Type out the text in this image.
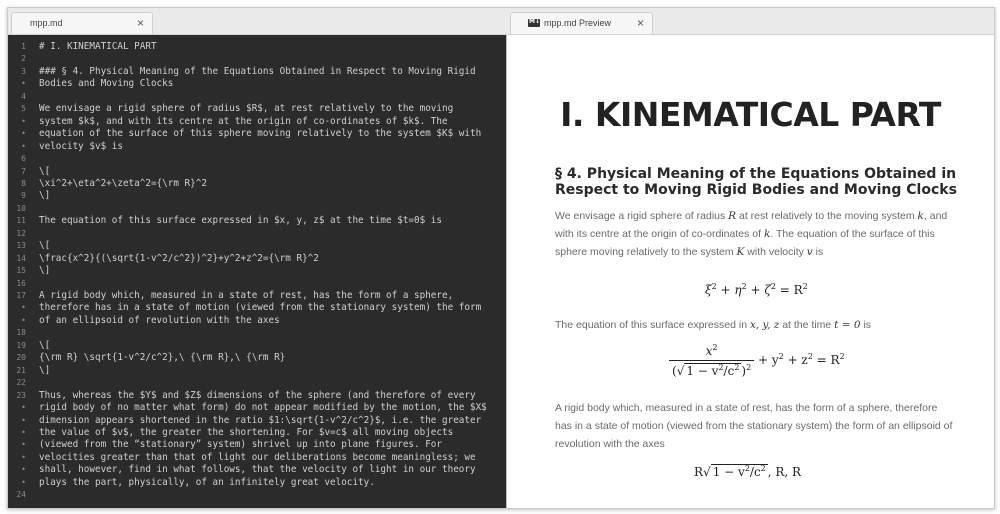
mpp.md	×	M↓ mpp.md Preview ×
1 # I. KINEMATICAL PART
2
3 ### § 4. Physical Meaning of the Equations Obtained in Respect to Moving Rigid
• Bodies and Moving Clocks
4
5 We envisage a rigid sphere of radius $R$, at rest relatively to the moving
• system $k$, and with its centre at the origin of co-ordinates of $k$. The
• equation of the surface of this sphere moving relatively to the system $K$ with
• velocity $v$ is
6
7 \[
8 \xi^2+\eta^2+\zeta^2={\rm R}^2
9 \]
10
11 The equation of this surface expressed in $x, y, z$ at the time $t=0$ is
12
13 \[
14 \frac{x^2}{(\sqrt{1-v^2/c^2})^2}+y^2+z^2={\rm R}^2
15 \]
16
17 A rigid body which, measured in a state of rest, has the form of a sphere,
• therefore has in a state of motion (viewed from the stationary system) the form
• of an ellipsoid of revolution with the axes
18
19 \[
20 {\rm R} \sqrt{1-v^2/c^2},\ {\rm R},\ {\rm R}
21 \]
22
23 Thus, whereas the $Y$ and $Z$ dimensions of the sphere (and therefore of every
• rigid body of no matter what form) do not appear modified by the motion, the $X$
• dimension appears shortened in the ratio $1:\sqrt{1-v^2/c^2}$, i.e. the greater
• the value of $v$, the greater the shortening. For $v=c$ all moving objects
• (viewed from the “stationary” system) shrivel up into plane figures. For
• velocities greater than that of light our deliberations become meaningless; we
• shall, however, find in what follows, that the velocity of light in our theory
• plays the part, physically, of an infinitely great velocity.
24
I. KINEMATICAL PART
§ 4. Physical Meaning of the Equations Obtained in Respect to Moving Rigid Bodies and Moving Clocks
We envisage a rigid sphere of radius R at rest relatively to the moving system k, and with its centre at the origin of co-ordinates of k. The equation of the surface of this sphere moving relatively to the system K with velocity v is
$\xi^2 + \eta^2 + \zeta^2 = R^2$
The equation of this surface expressed in x, y, z at the time t = 0 is
$\frac{x^2}{(√ 1 - v^2/c^2 )^2} + y^2 + z^2 = R^2$
A rigid body which, measured in a state of rest, has the form of a sphere, therefore has in a state of motion (viewed from the stationary system) the form of an ellipsoid of revolution with the axes
R√ $1 - v^2/c^2$ , R, R
